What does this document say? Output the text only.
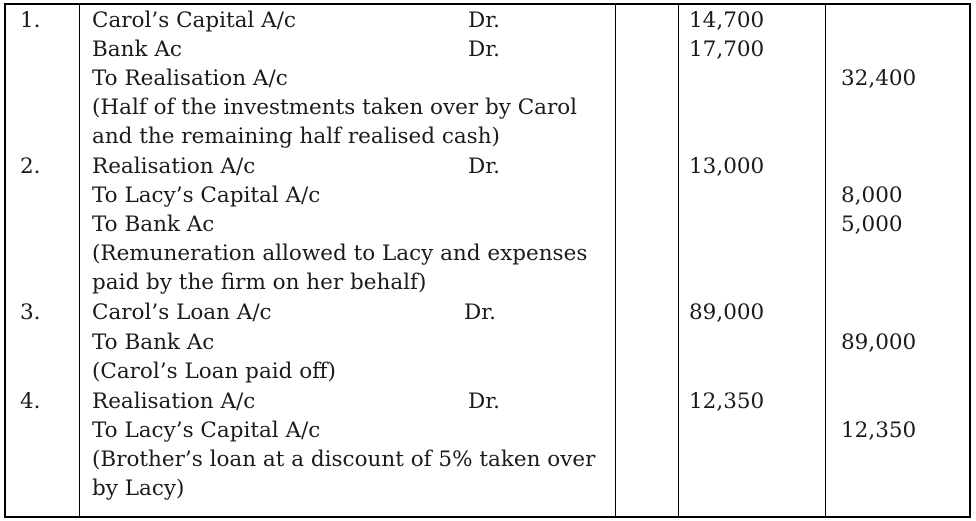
1. Carol’s Capital A/c	Dr.	14,700
Bank Ac	Dr.	17,700
To Realisation A/c	32,400
(Half of the investments taken over by Carol
and the remaining half realised cash)
2. Realisation A/c	Dr.	13,000
To Lacy’s Capital A/c	8,000
To Bank Ac	5,000
(Remuneration allowed to Lacy and expenses
paid by the firm on her behalf)
3. Carol’s Loan A/c	Dr.	89,000
To Bank Ac	89,000
(Carol’s Loan paid off)
4. Realisation A/c	Dr.	12,350
To Lacy’s Capital A/c	12,350
(Brother’s loan at a discount of 5% taken over
by Lacy)
